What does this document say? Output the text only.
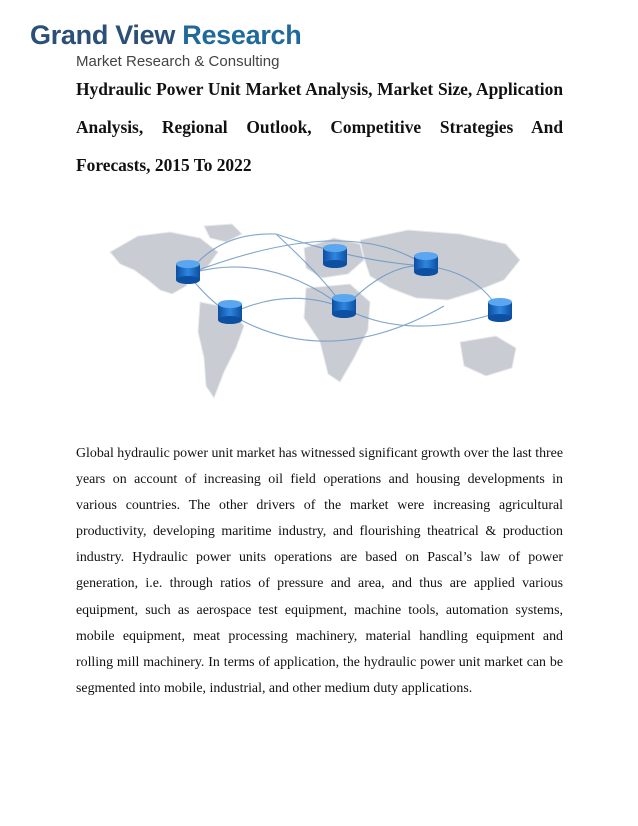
Grand View Research
Market Research & Consulting
Hydraulic Power Unit Market Analysis, Market Size, Application Analysis, Regional Outlook, Competitive Strategies And Forecasts, 2015 To 2022
Global hydraulic power unit market has witnessed significant growth over the last three years on account of increasing oil field operations and housing developments in various countries. The other drivers of the market were increasing agricultural productivity, developing maritime industry, and flourishing theatrical & production industry. Hydraulic power units operations are based on Pascal’s law of power generation, i.e. through ratios of pressure and area, and thus are applied various equipment, such as aerospace test equipment, machine tools, automation systems, mobile equipment, meat processing machinery, material handling equipment and rolling mill machinery. In terms of application, the hydraulic power unit market can be segmented into mobile, industrial, and other medium duty applications.
